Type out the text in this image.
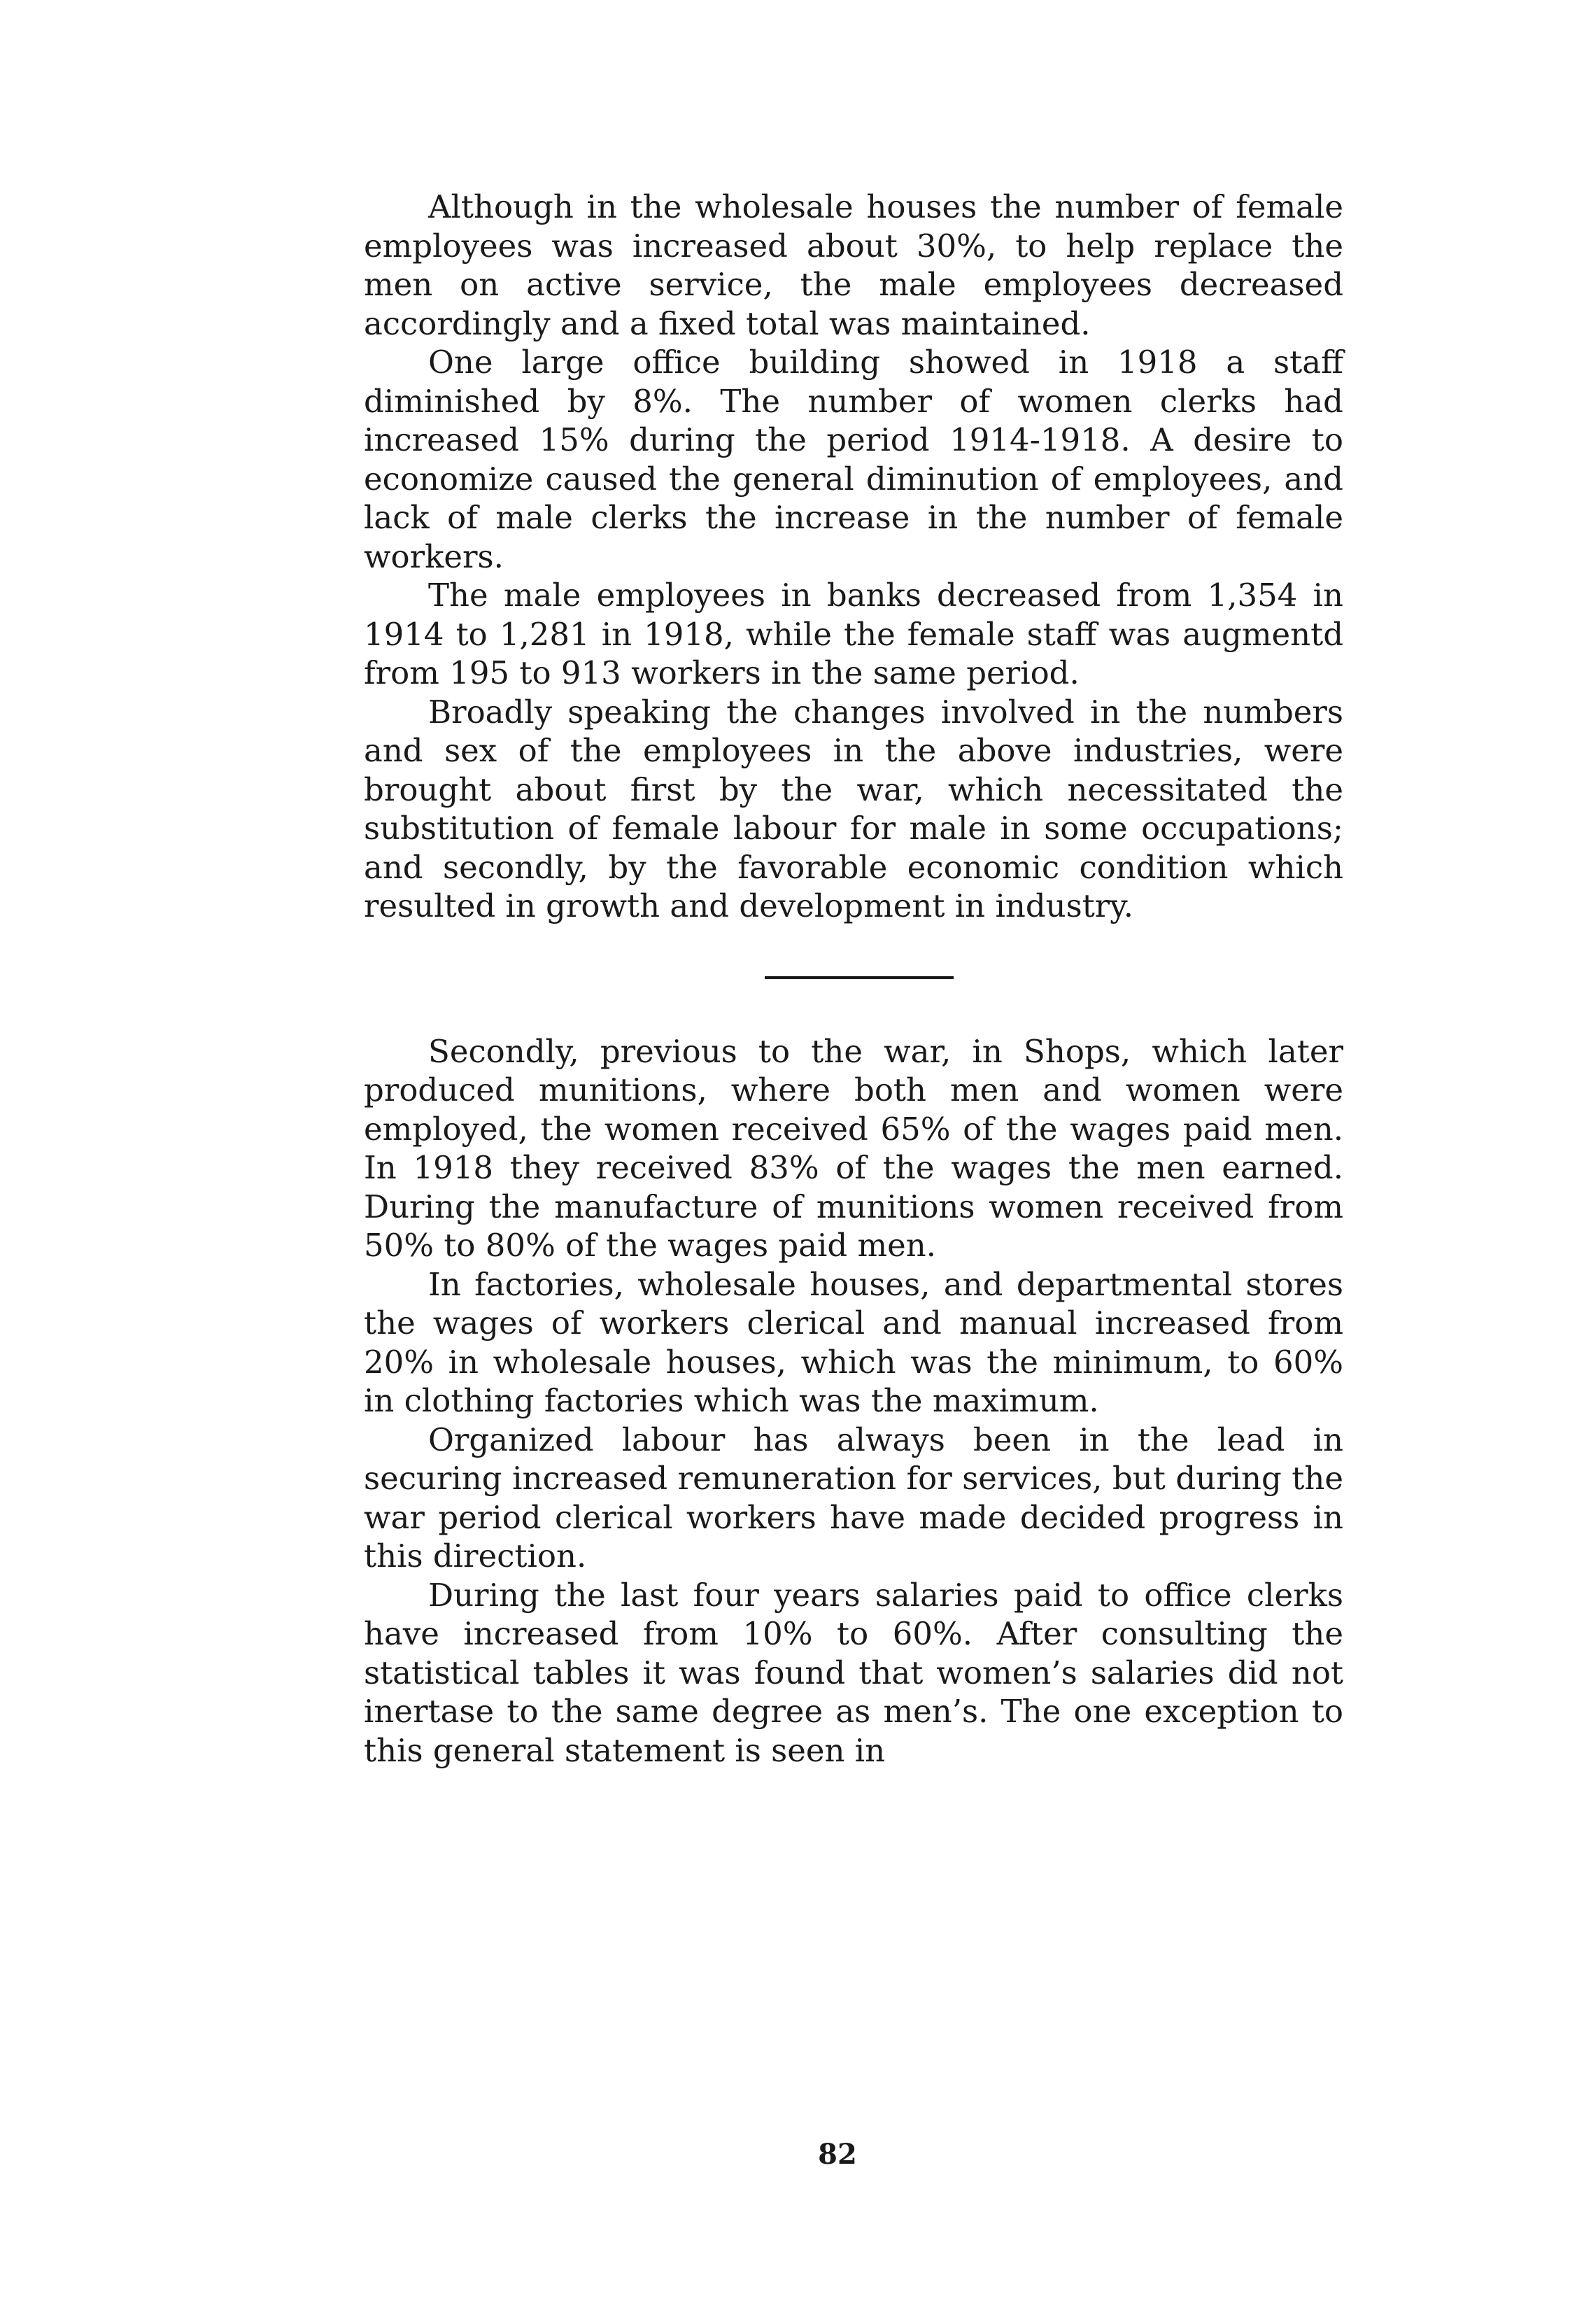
Although in the wholesale houses the number of female employees was increased about 30%, to help replace the men on active service, the male employees decreased accordingly and a fixed total was maintained.

One large office building showed in 1918 a staff diminished by 8%. The number of women clerks had increased 15% during the period 1914-1918. A desire to economize caused the general diminution of employees, and lack of male clerks the increase in the number of female workers.

The male employees in banks decreased from 1,354 in 1914 to 1,281 in 1918, while the female staff was augmentd from 195 to 913 workers in the same period.

Broadly speaking the changes involved in the numbers and sex of the employees in the above industries, were brought about first by the war, which necessitated the substitution of female labour for male in some occupations; and secondly, by the favorable economic condition which resulted in growth and development in industry.

Secondly, previous to the war, in Shops, which later produced munitions, where both men and women were employed, the women received 65% of the wages paid men. In 1918 they received 83% of the wages the men earned. During the manufacture of munitions women received from 50% to 80% of the wages paid men.

In factories, wholesale houses, and departmental stores the wages of workers clerical and manual increased from 20% in wholesale houses, which was the minimum, to 60% in clothing factories which was the maximum.

Organized labour has always been in the lead in securing increased remuneration for services, but during the war period clerical workers have made decided progress in this direction.

During the last four years salaries paid to office clerks have increased from 10% to 60%. After consulting the statistical tables it was found that women’s salaries did not inertase to the same degree as men’s. The one exception to this general statement is seen in

82
